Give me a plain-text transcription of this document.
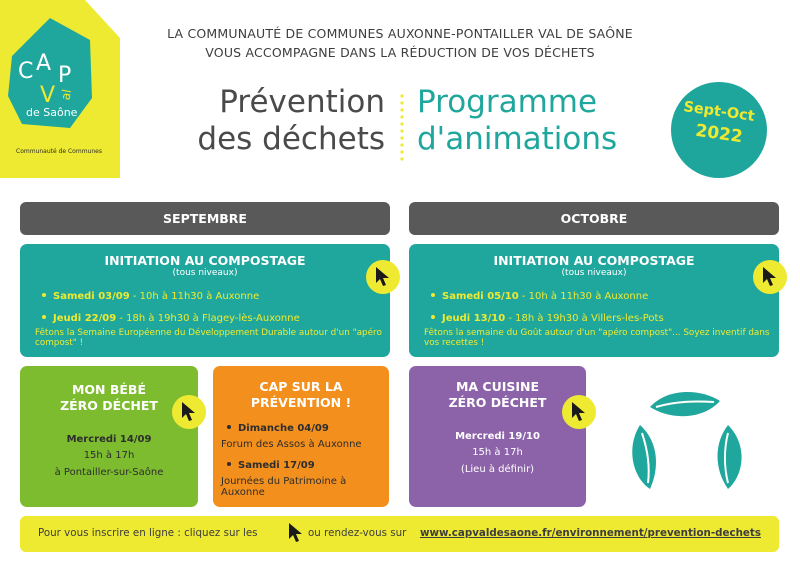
C A P
V al
de Saône
Communauté de Communes
LA COMMUNAUTÉ DE COMMUNES AUXONNE-PONTAILLER VAL DE SAÔNE
VOUS ACCOMPAGNE DANS LA RÉDUCTION DE VOS DÉCHETS
Prévention
des déchets
Programme
d'animations
Sept-Oct
2022
SEPTEMBRE	OCTOBRE
INITIATION AU COMPOSTAGE
(tous niveaux)
Samedi 03/09 - 10h à 11h30 à Auxonne
Jeudi 22/09 - 18h à 19h30 à Flagey-lès-Auxonne
Fêtons la Semaine Européenne du Développement Durable autour d'un "apéro compost" !
INITIATION AU COMPOSTAGE
(tous niveaux)
Samedi 05/10 - 10h à 11h30 à Auxonne
Jeudi 13/10 - 18h à 19h30 à Villers-les-Pots
Fêtons la semaine du Goût autour d'un "apéro compost"... Soyez inventif dans vos recettes !
MON BÉBÉ
ZÉRO DÉCHET
Mercredi 14/09
15h à 17h
à Pontailler-sur-Saône
CAP SUR LA
PRÉVENTION !
Dimanche 04/09
Forum des Assos à Auxonne
Samedi 17/09
Journées du Patrimoine à Auxonne
MA CUISINE
ZÉRO DÉCHET
Mercredi 19/10
15h à 17h
(Lieu à définir)
Pour vous inscrire en ligne : cliquez sur les	ou rendez-vous sur www.capvaldesaone.fr/environnement/prevention-dechets
